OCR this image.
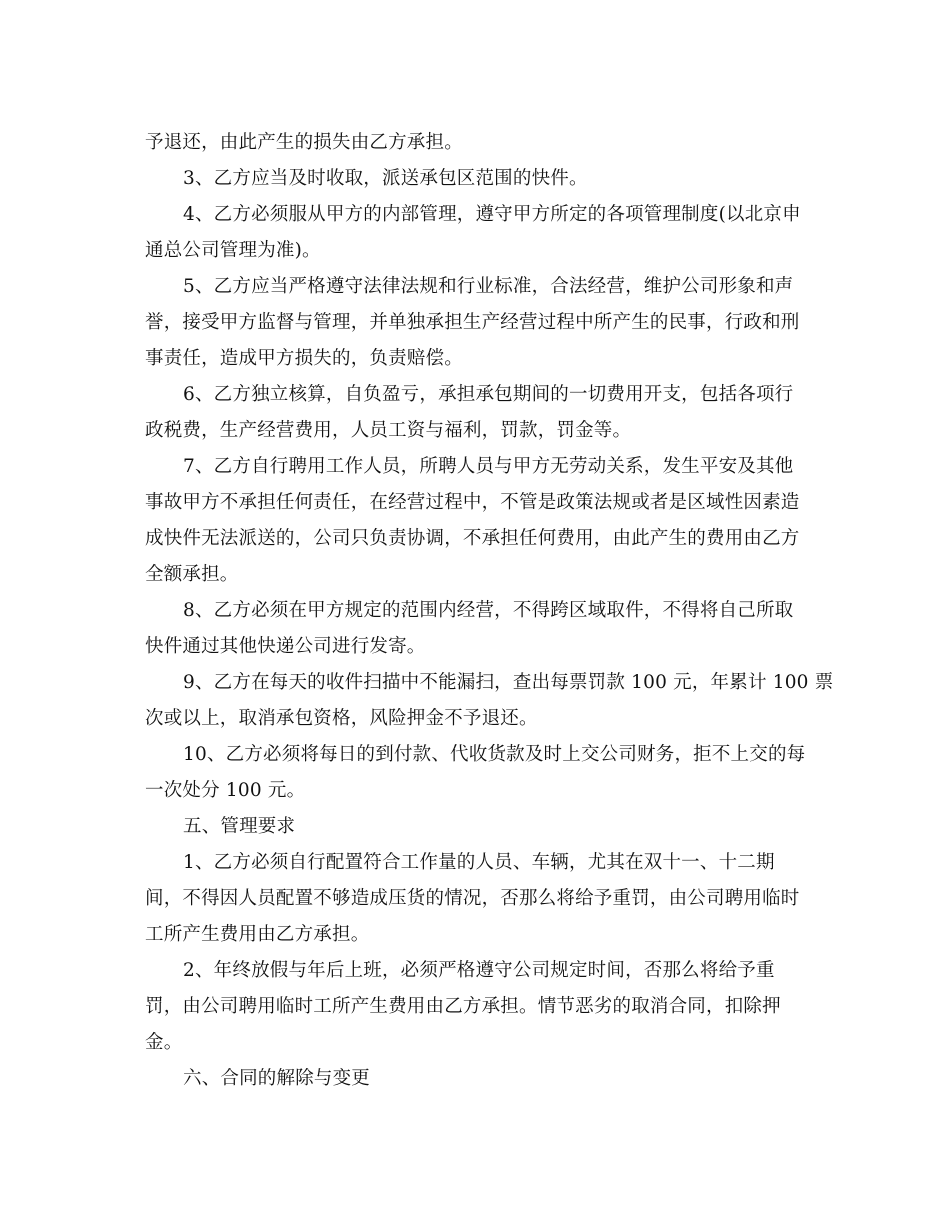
予退还，由此产生的损失由乙方承担。
3、乙方应当及时收取，派送承包区范围的快件。
4、乙方必须服从甲方的内部管理，遵守甲方所定的各项管理制度(以北京申
通总公司管理为准)。
5、乙方应当严格遵守法律法规和行业标准，合法经营，维护公司形象和声
誉，接受甲方监督与管理，并单独承担生产经营过程中所产生的民事，行政和刑
事责任，造成甲方损失的，负责赔偿。
6、乙方独立核算，自负盈亏，承担承包期间的一切费用开支，包括各项行
政税费，生产经营费用，人员工资与福利，罚款，罚金等。
7、乙方自行聘用工作人员，所聘人员与甲方无劳动关系，发生平安及其他
事故甲方不承担任何责任，在经营过程中，不管是政策法规或者是区域性因素造
成快件无法派送的，公司只负责协调，不承担任何费用，由此产生的费用由乙方
全额承担。
8、乙方必须在甲方规定的范围内经营，不得跨区域取件，不得将自己所取
快件通过其他快递公司进行发寄。
9、乙方在每天的收件扫描中不能漏扫，查出每票罚款 100 元，年累计 100 票
次或以上，取消承包资格，风险押金不予退还。
10、乙方必须将每日的到付款、代收货款及时上交公司财务，拒不上交的每
一次处分 100 元。
五、管理要求
1、乙方必须自行配置符合工作量的人员、车辆，尤其在双十一、十二期
间，不得因人员配置不够造成压货的情况，否那么将给予重罚，由公司聘用临时
工所产生费用由乙方承担。
2、年终放假与年后上班，必须严格遵守公司规定时间，否那么将给予重
罚，由公司聘用临时工所产生费用由乙方承担。情节恶劣的取消合同，扣除押
金。
六、合同的解除与变更
